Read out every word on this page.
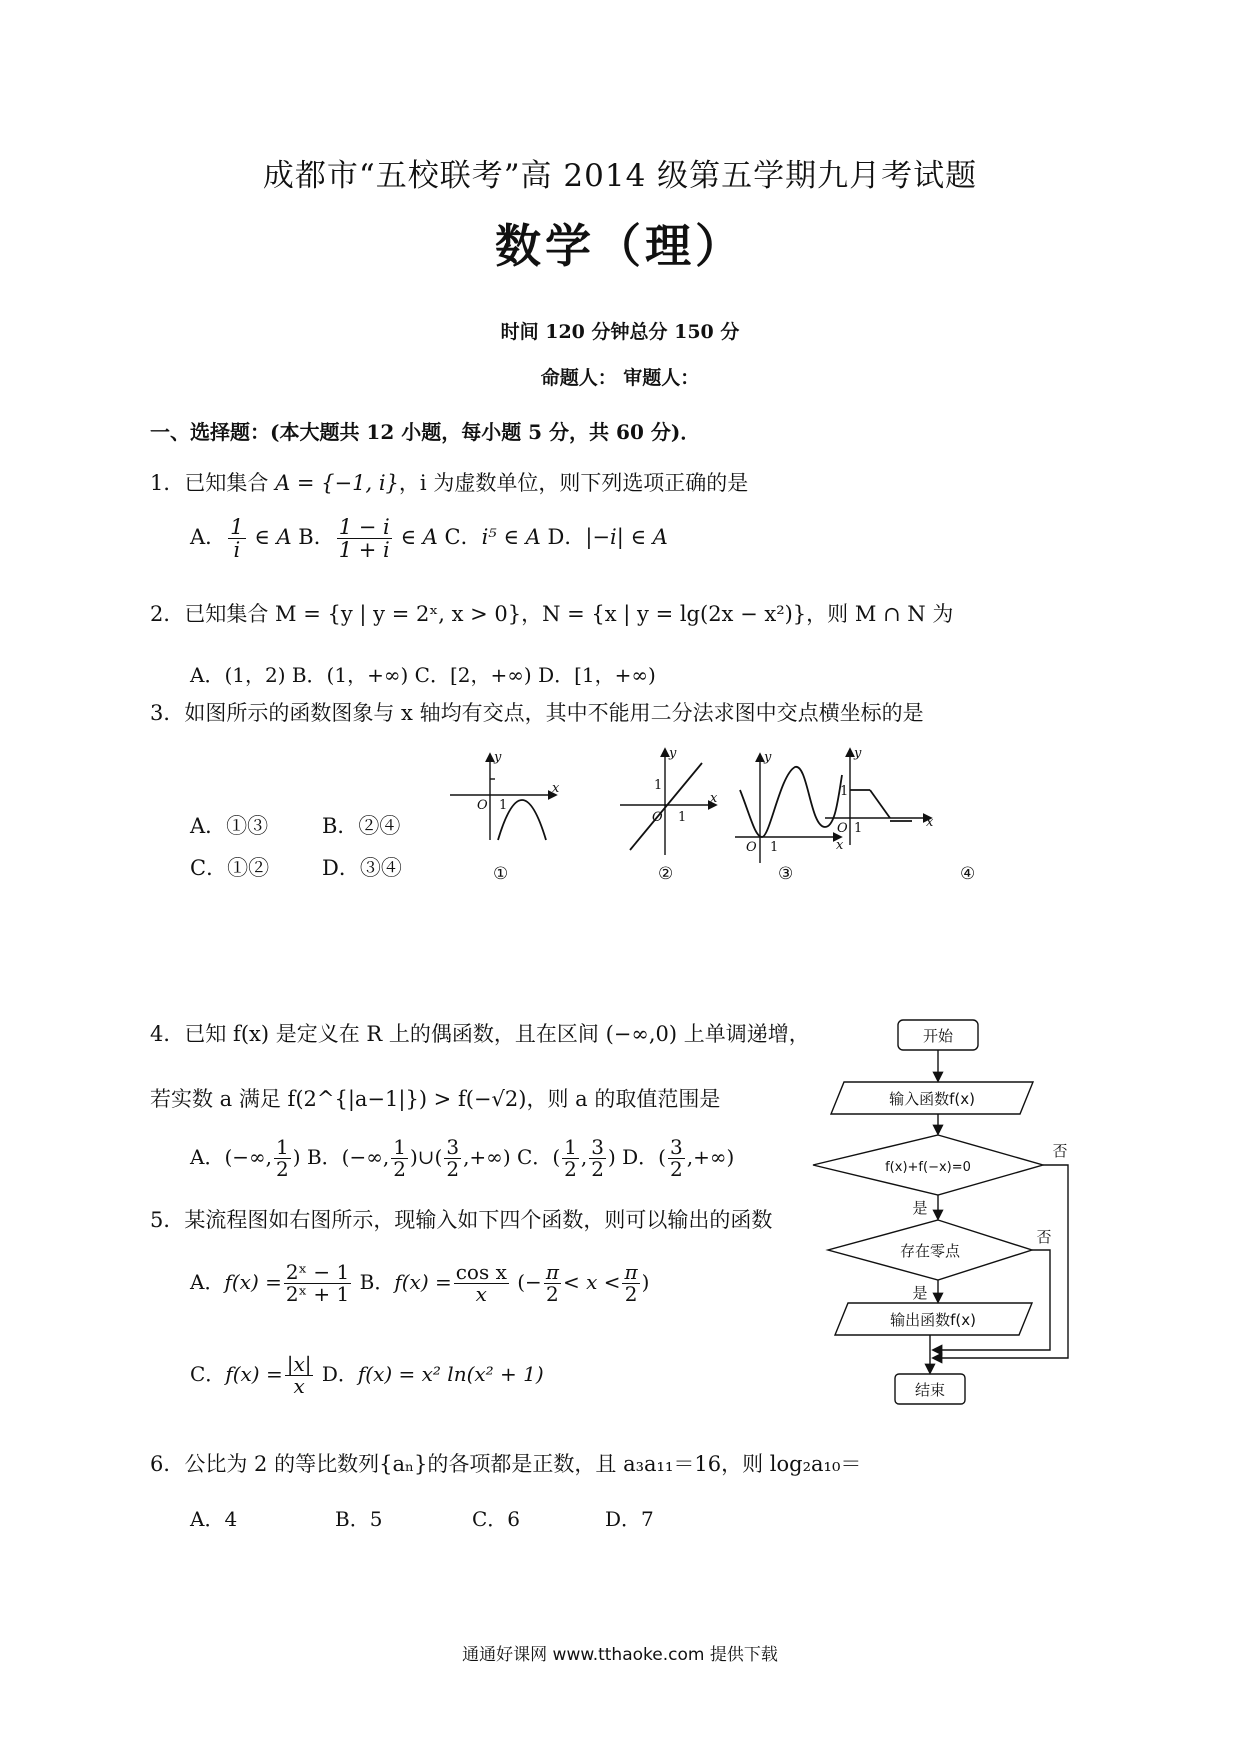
成都市“五校联考”高 2014 级第五学期九月考试题
数学（理）
时间 120 分钟总分 150 分
命题人： 审题人：
一、选择题：(本大题共 12 小题，每小题 5 分，共 60 分)．
1．已知集合 A = {−1, i}，i 为虚数单位，则下列选项正确的是
A． $\frac{1}{i}$ ∈ A B． $\frac{1 - i}{1 + i}$ ∈ A C．i⁵ ∈ A D．|−i| ∈ A
2．已知集合 M = {y | y = 2ˣ, x > 0}，N = {x | y = lg(2x − x²)}，则 M ∩ N 为
A．(1，2) B．(1，+∞) C．[2，+∞) D．[1，+∞)
3．如图所示的函数图象与 x 轴均有交点，其中不能用二分法求图中交点横坐标的是
A．①③	B．②④
C．①②	D．③④
y
x
O 1
y
x
O
1
1
y
x
O 1
y
x
O
1
1
①	②	③	④
4．已知 f(x) 是定义在 R 上的偶函数，且在区间 (−∞,0) 上单调递增，
若实数 a 满足 f(2^{|a−1|}) > f(−√2)，则 a 的取值范围是
A．(−∞, $\frac{1}{2}$ ) B．(−∞, $\frac{1}{2}$ )∪( $\frac{3}{2}$ ,+∞) C．( $\frac{1}{2}$ , $\frac{3}{2}$ ) D．( $\frac{3}{2}$ ,+∞)
5．某流程图如右图所示，现输入如下四个函数，则可以输出的函数
A．$f(x) = \frac{\text{2ˣ − 1}}{\text{2ˣ + 1}}$ B．$f(x) = \frac{\text{cos x}}{x}$ (− $\frac{\pi}{2} < x < \frac{\pi}{2}$ )
C．$f(x) = \frac{|x|}{x}$ D．f(x) = x² ln(x² + 1)
开始
输入函数f(x)
f(x)+f(−x)=0
存在零点
输出函数f(x)
结束
是
否
是
否
6．公比为 2 的等比数列{aₙ}的各项都是正数，且 a₃a₁₁＝16，则 log₂a₁₀＝
A．4	B．5	C．6	D．7
通通好课网 www.tthaoke.com 提供下载
